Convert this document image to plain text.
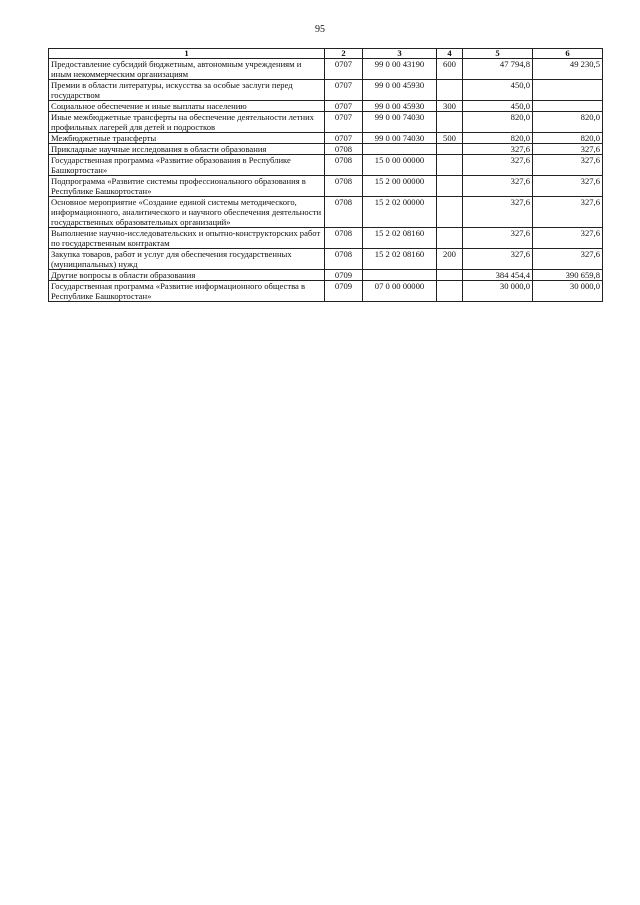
95
1	2	3	4	5	6
Предоставление субсидий бюджетным, автономным учреждениям и иным некоммерческим организациям	0707	99 0 00 43190	600	47 794,8	49 230,5
Премии в области литературы, искусства за особые заслуги перед государством	0707	99 0 00 45930		450,0	
Социальное обеспечение и иные выплаты населению	0707	99 0 00 45930	300	450,0	
Иные межбюджетные трансферты на обеспечение деятельности летних профильных лагерей для детей и подростков	0707	99 0 00 74030		820,0	820,0
Межбюджетные трансферты	0707	99 0 00 74030	500	820,0	820,0
Прикладные научные исследования в области образования	0708			327,6	327,6
Государственная программа «Развитие образования в Республике Башкортостан»	0708	15 0 00 00000		327,6	327,6
Подпрограмма «Развитие системы профессионального образования в Республике Башкортостан»	0708	15 2 00 00000		327,6	327,6
Основное мероприятие «Создание единой системы методического, информационного, аналитического и научного обеспечения деятельности государственных образовательных организаций»	0708	15 2 02 00000		327,6	327,6
Выполнение научно-исследовательских и опытно-конструкторских работ по государственным контрактам	0708	15 2 02 08160		327,6	327,6
Закупка товаров, работ и услуг для обеспечения государственных (муниципальных) нужд	0708	15 2 02 08160	200	327,6	327,6
Другие вопросы в области образования	0709			384 454,4	390 659,8
Государственная программа «Развитие информационного общества в Республике Башкортостан»	0709	07 0 00 00000		30 000,0	30 000,0
